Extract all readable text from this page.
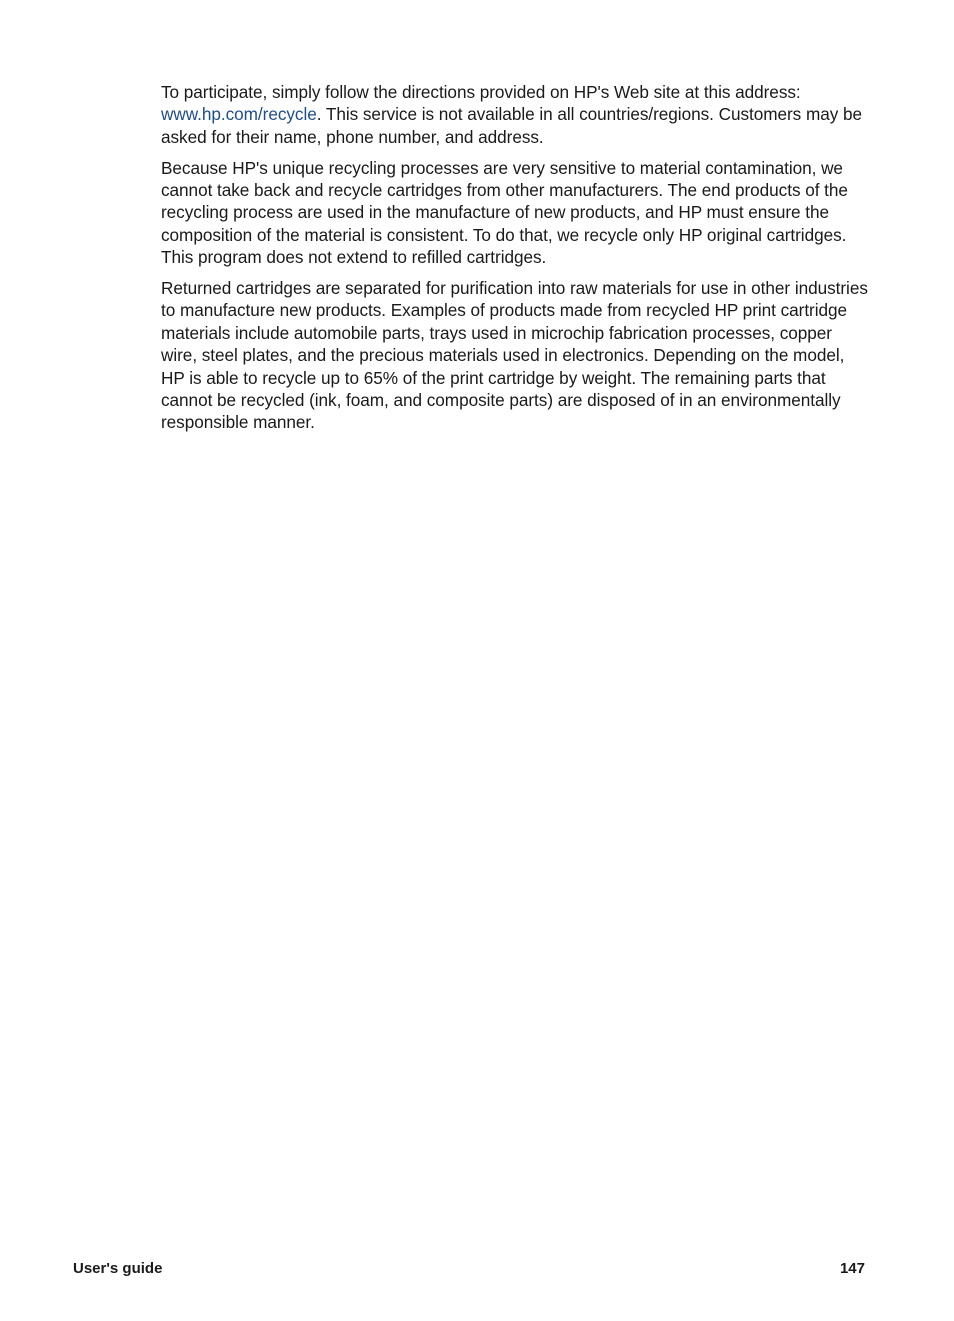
To participate, simply follow the directions provided on HP's Web site at this address: www.hp.com/recycle. This service is not available in all countries/regions. Customers may be asked for their name, phone number, and address.

Because HP's unique recycling processes are very sensitive to material contamination, we cannot take back and recycle cartridges from other manufacturers. The end products of the recycling process are used in the manufacture of new products, and HP must ensure the composition of the material is consistent. To do that, we recycle only HP original cartridges. This program does not extend to refilled cartridges.

Returned cartridges are separated for purification into raw materials for use in other industries to manufacture new products. Examples of products made from recycled HP print cartridge materials include automobile parts, trays used in microchip fabrication processes, copper wire, steel plates, and the precious materials used in electronics. Depending on the model, HP is able to recycle up to 65% of the print cartridge by weight. The remaining parts that cannot be recycled (ink, foam, and composite parts) are disposed of in an environmentally responsible manner.

User's guide	147
